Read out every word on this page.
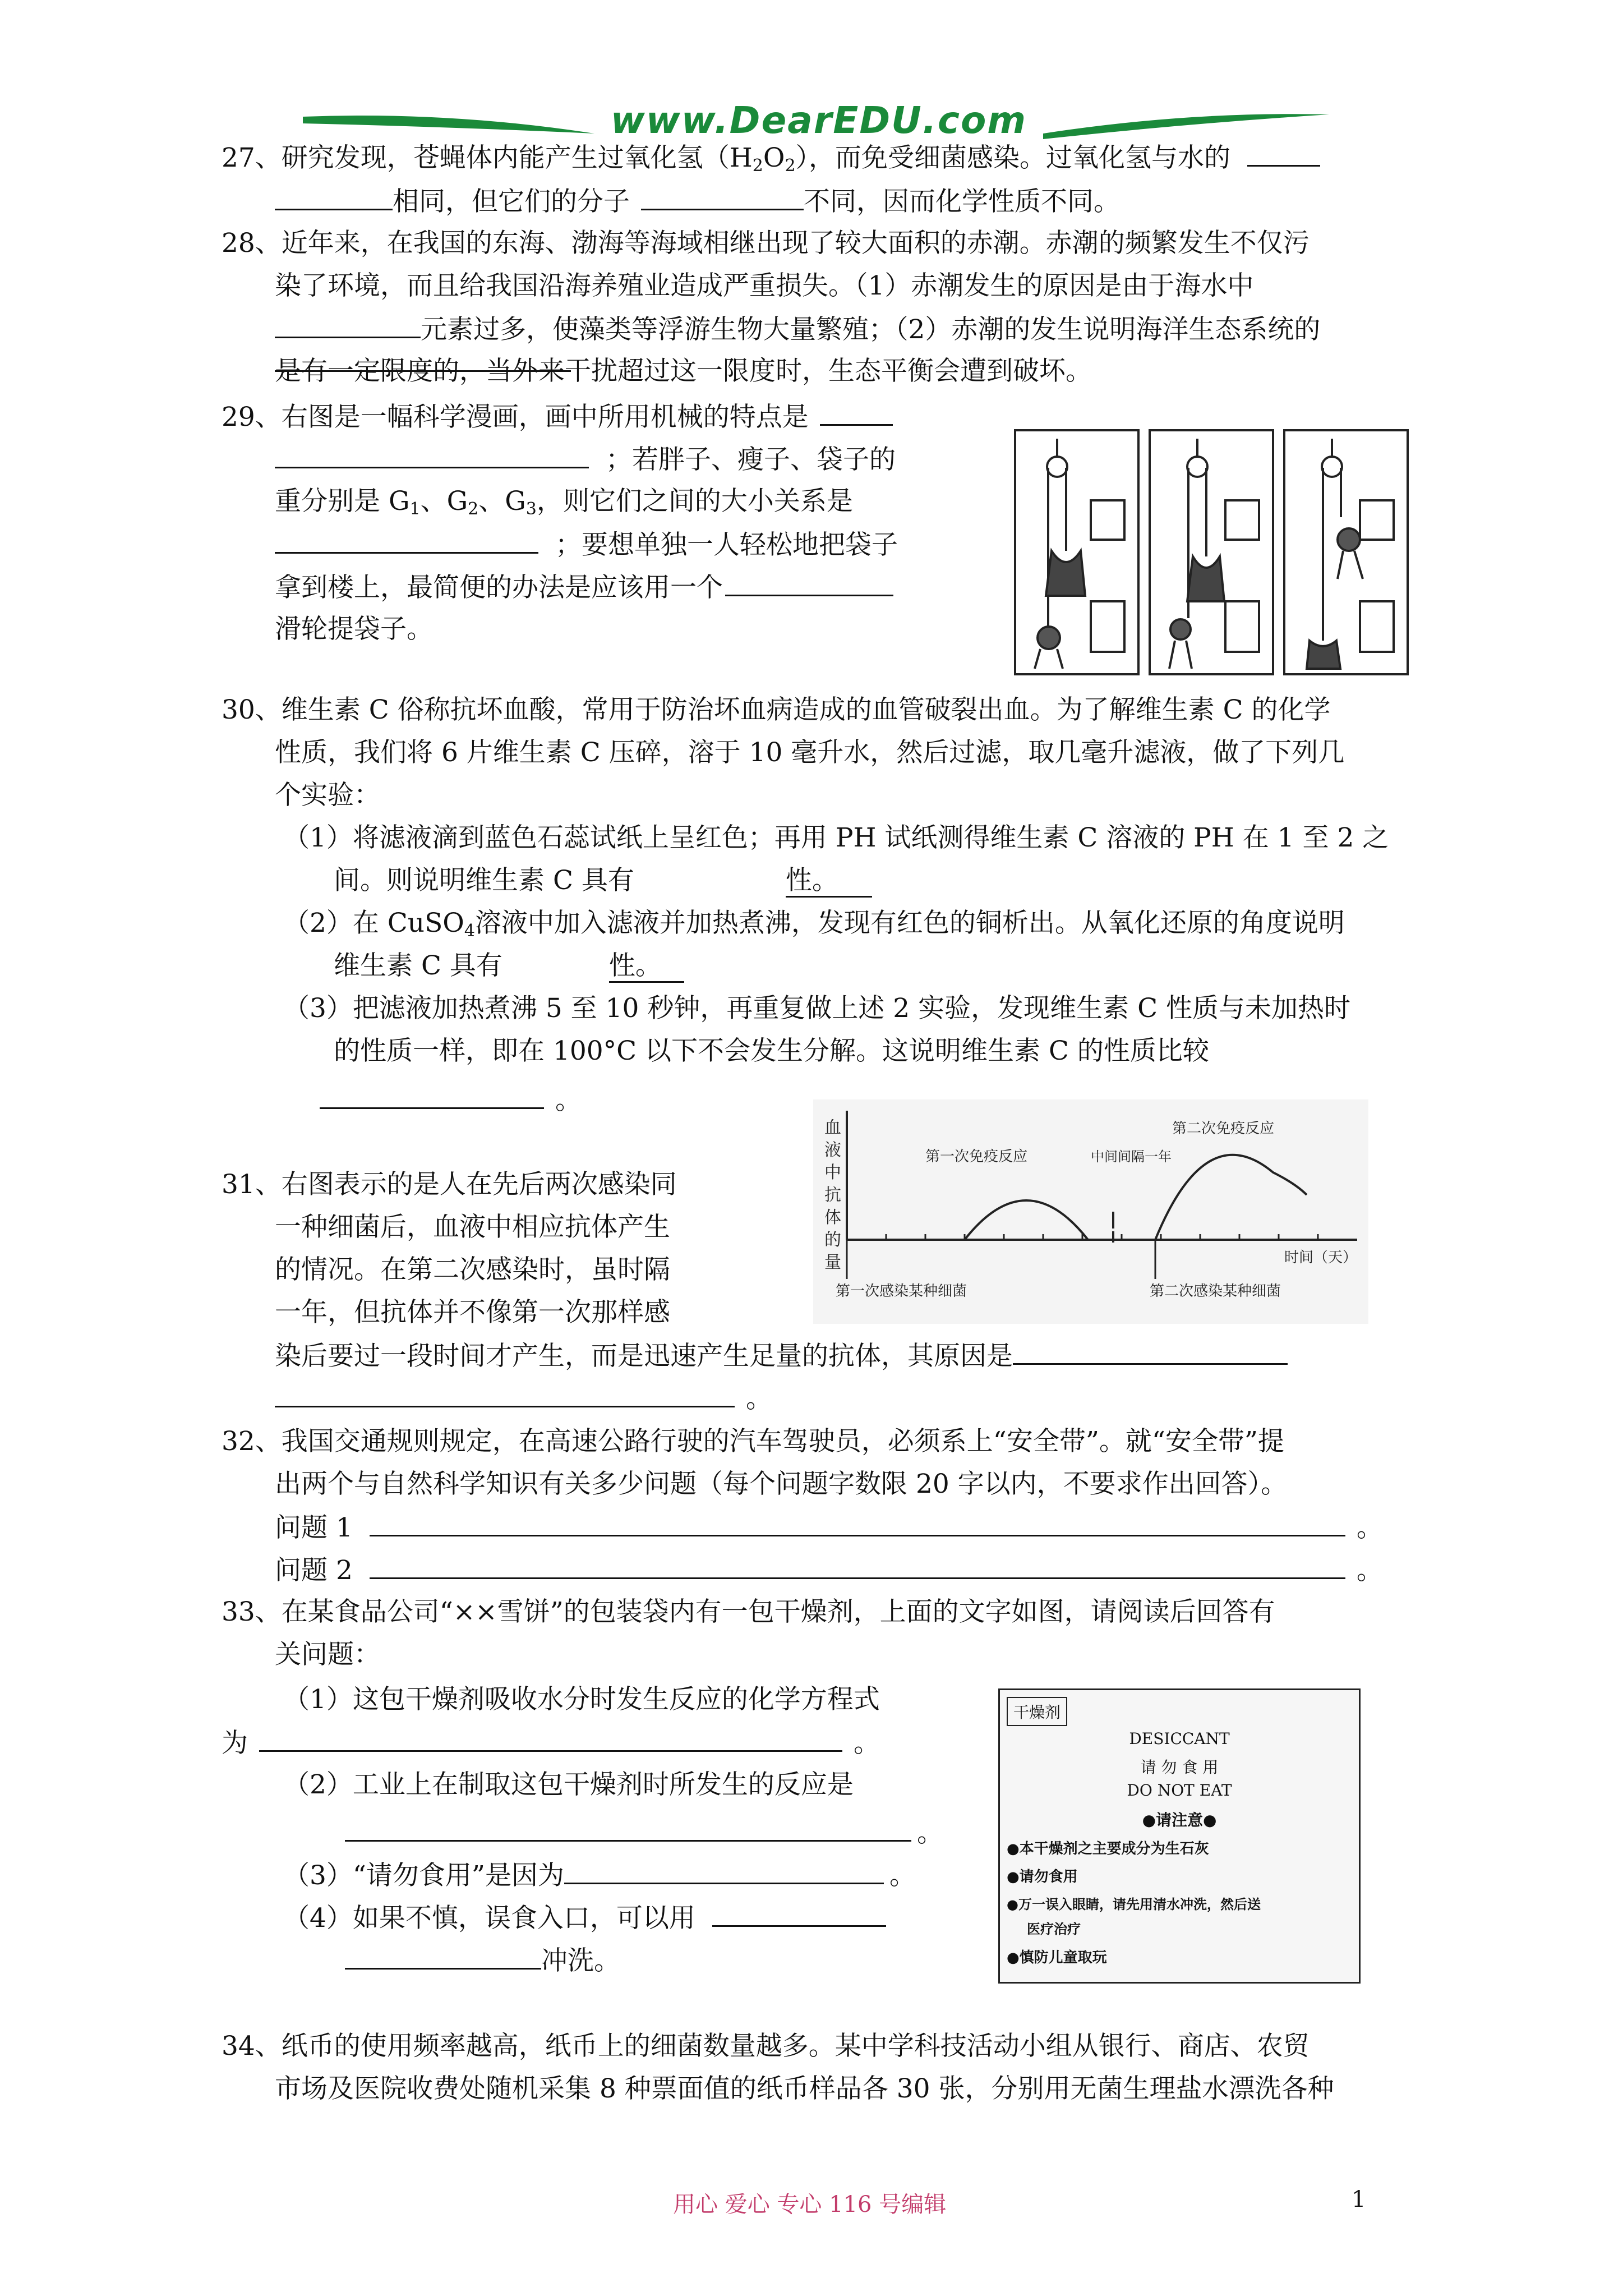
www.DearEDU.com
27、研究发现，苍蝇体内能产生过氧化氢$(H_2O_2)$，而免受细菌感染。过氧化氢与水的
相同，但它们的分子	不同，因而化学性质不同。
28、近年来，在我国的东海、渤海等海域相继出现了较大面积的赤潮。赤潮的频繁发生不仅污
染了环境，而且给我国沿海养殖业造成严重损失。（1）赤潮发生的原因是由于海水中
元素过多，使藻类等浮游生物大量繁殖；（2）赤潮的发生说明海洋生态系统的
是有一定限度的，当外来干扰超过这一限度时，生态平衡会遭到破坏。
29、右图是一幅科学漫画，画中所用机械的特点是
；若胖子、瘦子、袋子的
重分别是 $G_1$、$G_2$、$G_3$，则它们之间的大小关系是
；要想单独一人轻松地把袋子
拿到楼上，最简便的办法是应该用一个
滑轮提袋子。
30、维生素 C 俗称抗坏血酸，常用于防治坏血病造成的血管破裂出血。为了解维生素 C 的化学
性质，我们将 6 片维生素 C 压碎，溶于 10 毫升水，然后过滤，取几毫升滤液，做了下列几
个实验：
（1）将滤液滴到蓝色石蕊试纸上呈红色；再用 PH 试纸测得维生素 C 溶液的 PH 在 1 至 2 之
间。则说明维生素 C 具有	性。
（2）在 CuSO$_4$溶液中加入滤液并加热煮沸，发现有红色的铜析出。从氧化还原的角度说明
维生素 C 具有	性。
（3）把滤液加热煮沸 5 至 10 秒钟，再重复做上述 2 实验，发现维生素 C 性质与未加热时
的性质一样，即在 100°C 以下不会发生分解。这说明维生素 C 的性质比较
。
31、右图表示的是人在先后两次感染同
一种细菌后，血液中相应抗体产生
的情况。在第二次感染时，虽时隔
一年，但抗体并不像第一次那样感
染后要过一段时间才产生，而是迅速产生足量的抗体，其原因是
。
血
液
中
抗
体
的
量
第一次免疫反应
第二次免疫反应
中间间隔一年
时间（天）
第一次感染某种细菌	第二次感染某种细菌
32、我国交通规则规定，在高速公路行驶的汽车驾驶员，必须系上“安全带”。就“安全带”提
出两个与自然科学知识有关多少问题（每个问题字数限 20 字以内，不要求作出回答）。
问题 1	。
问题 2	。
33、在某食品公司“××雪饼”的包装袋内有一包干燥剂，上面的文字如图，请阅读后回答有
关问题：
（1）这包干燥剂吸收水分时发生反应的化学方程式
为	。
（2）工业上在制取这包干燥剂时所发生的反应是
。
（3）“请勿食用”是因为	。
（4）如果不慎，误食入口，可以用
冲洗。
干燥剂
DESICCANT
请 勿 食 用
DO NOT EAT
●请注意●
●本干燥剂之主要成分为生石灰
●请勿食用
●万一误入眼睛，请先用清水冲洗，然后送
医疗治疗
●慎防儿童取玩
34、纸币的使用频率越高，纸币上的细菌数量越多。某中学科技活动小组从银行、商店、农贸
市场及医院收费处随机采集 8 种票面值的纸币样品各 30 张，分别用无菌生理盐水漂洗各种
用心 爱心 专心 116 号编辑	1
